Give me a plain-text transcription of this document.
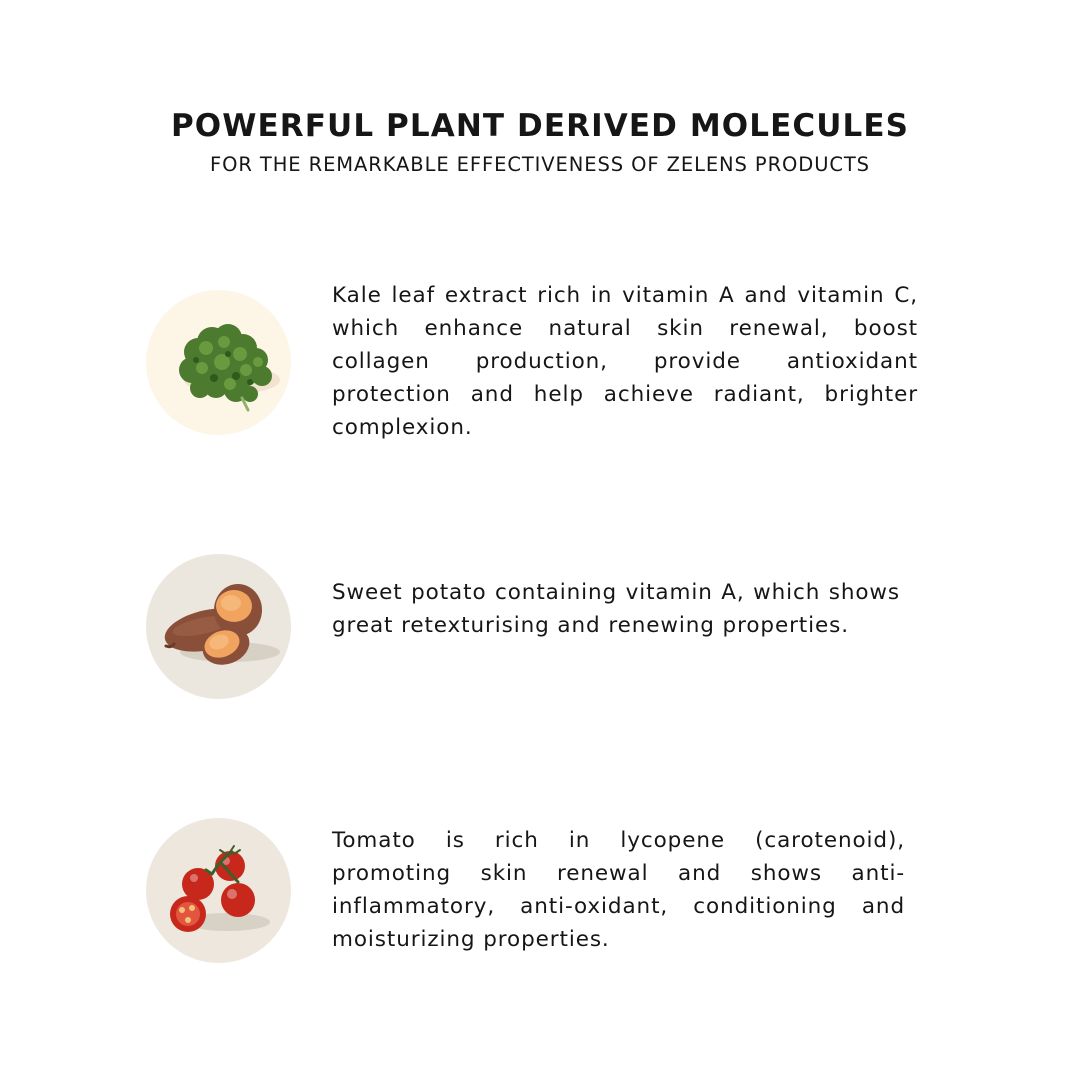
POWERFUL PLANT DERIVED MOLECULES

FOR THE REMARKABLE EFFECTIVENESS OF ZELENS PRODUCTS

Kale leaf extract rich in vitamin A and vitamin C, which enhance natural skin renewal, boost collagen production, provide antioxidant protection and help achieve radiant, brighter complexion.

Sweet potato containing vitamin A, which shows great retexturising and renewing properties.

Tomato is rich in lycopene (carotenoid), promoting skin renewal and shows anti-inflammatory, anti-oxidant, conditioning and moisturizing properties.
